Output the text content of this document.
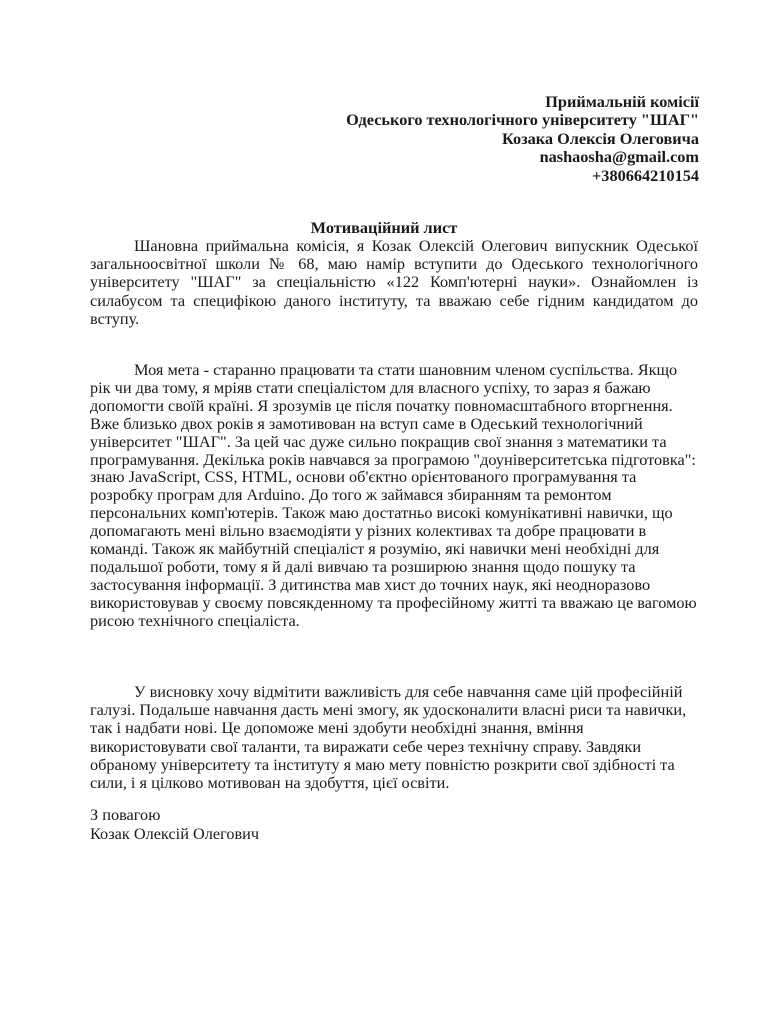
Приймальній комісії
Одеського технологічного університету "ШАГ"
Козака Олексія Олеговича
nashaosha@gmail.com
+380664210154
Мотиваційний лист

Шановна приймальна комісія, я Козак Олексій Олегович випускник Одеської загальноосвітної школи № 68, маю намір вступити до Одеського технологічного університету "ШАГ" за спеціальністю «122 Комп'ютерні науки». Ознайомлен із силабусом та специфікою даного інституту, та вважаю себе гідним кандидатом до вступу.

Моя мета - старанно працювати та стати шановним членом суспільства. Якщо рік чи два тому, я мріяв стати спеціалістом для власного успіху, то зараз я бажаю допомогти своїй країні. Я зрозумів це після початку повномасштабного вторгнення. Вже близько двох років я замотивован на вступ саме в Одеський технологічний університет "ШАГ". За цей час дуже сильно покращив свої знання з математики та програмування. Декілька років навчався за програмою "доуніверситетська підготовка": знаю JavaScript, CSS, HTML, основи об'єктно орієнтованого програмування та розробку програм для Arduino. До того ж займався збиранням та ремонтом персональних комп'ютерів. Також маю достатньо високі комунікативні навички, що допомагають мені вільно взаємодіяти у різних колективах та добре працювати в команді. Також як майбутній спеціаліст я розумію, які навички мені необхідні для подальшої роботи, тому я й далі вивчаю та розширюю знання щодо пошуку та застосування інформації. З дитинства мав хист до точних наук, які неодноразово використовував у своєму повсякденному та професійному житті та вважаю це вагомою рисою технічного спеціаліста.

У висновку хочу відмітити важливість для себе навчання саме цій професійній галузі. Подальше навчання дасть мені змогу, як удосконалити власні риси та навички, так і надбати нові. Це допоможе мені здобути необхідні знання, вміння використовувати свої таланти, та виражати себе через технічну справу. Завдяки обраному університету та інституту я маю мету повністю розкрити свої здібності та сили, і я цілково мотивован на здобуття, цієї освіти.

З повагою
Козак Олексій Олегович
